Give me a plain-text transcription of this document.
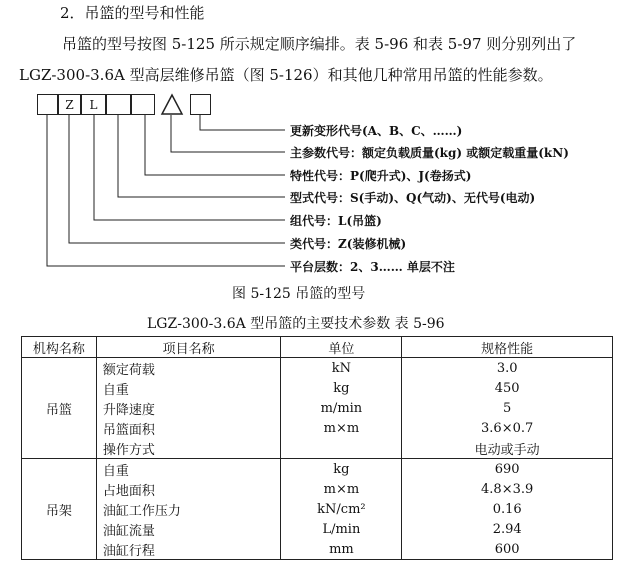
2．吊篮的型号和性能
吊篮的型号按图 5-125 所示规定顺序编排。表 5-96 和表 5-97 则分别列出了
LGZ-300-3.6A 型高层维修吊篮（图 5-126）和其他几种常用吊篮的性能参数。
Z	L
更新变形代号(A、B、C、……)
主参数代号：额定负载质量(kg) 或额定载重量(kN)
特性代号：P(爬升式)、J(卷扬式)
型式代号：S(手动)、Q(气动)、无代号(电动)
组代号：L(吊篮)
类代号：Z(装修机械)
平台层数：2、3…… 单层不注
图 5-125 吊篮的型号
LGZ-300-3.6A 型吊篮的主要技术参数 表 5-96
机构名称	项目名称	单位	规格性能
吊篮	额定荷载	kN	3.0
	自重	kg	450
	升降速度	m/min	5
	吊篮面积	m×m	3.6×0.7
	操作方式		电动或手动
吊架	自重	kg	690
	占地面积	m×m	4.8×3.9
	油缸工作压力	kN/cm²	0.16
	油缸流量	L/min	2.94
	油缸行程	mm	600
